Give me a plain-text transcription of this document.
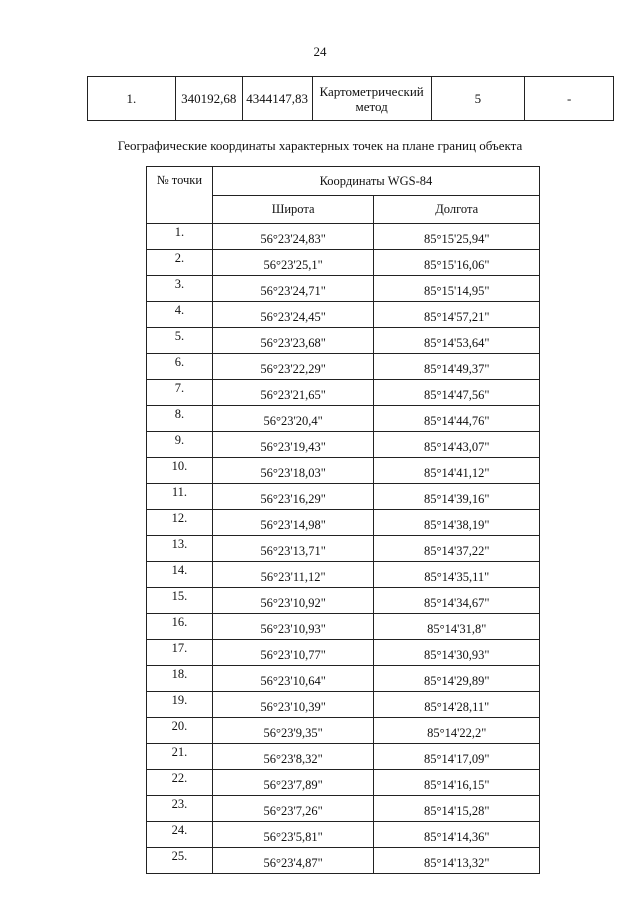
24
1.	340192,68	4344147,83	Картометрический метод	5	-
Географические координаты характерных точек на плане границ объекта
№ точки	Координаты WGS-84	
	Широта	Долгота
1.	56°23'24,83"	85°15'25,94"
2.	56°23'25,1"	85°15'16,06"
3.	56°23'24,71"	85°15'14,95"
4.	56°23'24,45"	85°14'57,21"
5.	56°23'23,68"	85°14'53,64"
6.	56°23'22,29"	85°14'49,37"
7.	56°23'21,65"	85°14'47,56"
8.	56°23'20,4"	85°14'44,76"
9.	56°23'19,43"	85°14'43,07"
10.	56°23'18,03"	85°14'41,12"
11.	56°23'16,29"	85°14'39,16"
12.	56°23'14,98"	85°14'38,19"
13.	56°23'13,71"	85°14'37,22"
14.	56°23'11,12"	85°14'35,11"
15.	56°23'10,92"	85°14'34,67"
16.	56°23'10,93"	85°14'31,8"
17.	56°23'10,77"	85°14'30,93"
18.	56°23'10,64"	85°14'29,89"
19.	56°23'10,39"	85°14'28,11"
20.	56°23'9,35"	85°14'22,2"
21.	56°23'8,32"	85°14'17,09"
22.	56°23'7,89"	85°14'16,15"
23.	56°23'7,26"	85°14'15,28"
24.	56°23'5,81"	85°14'14,36"
25.	56°23'4,87"	85°14'13,32"
